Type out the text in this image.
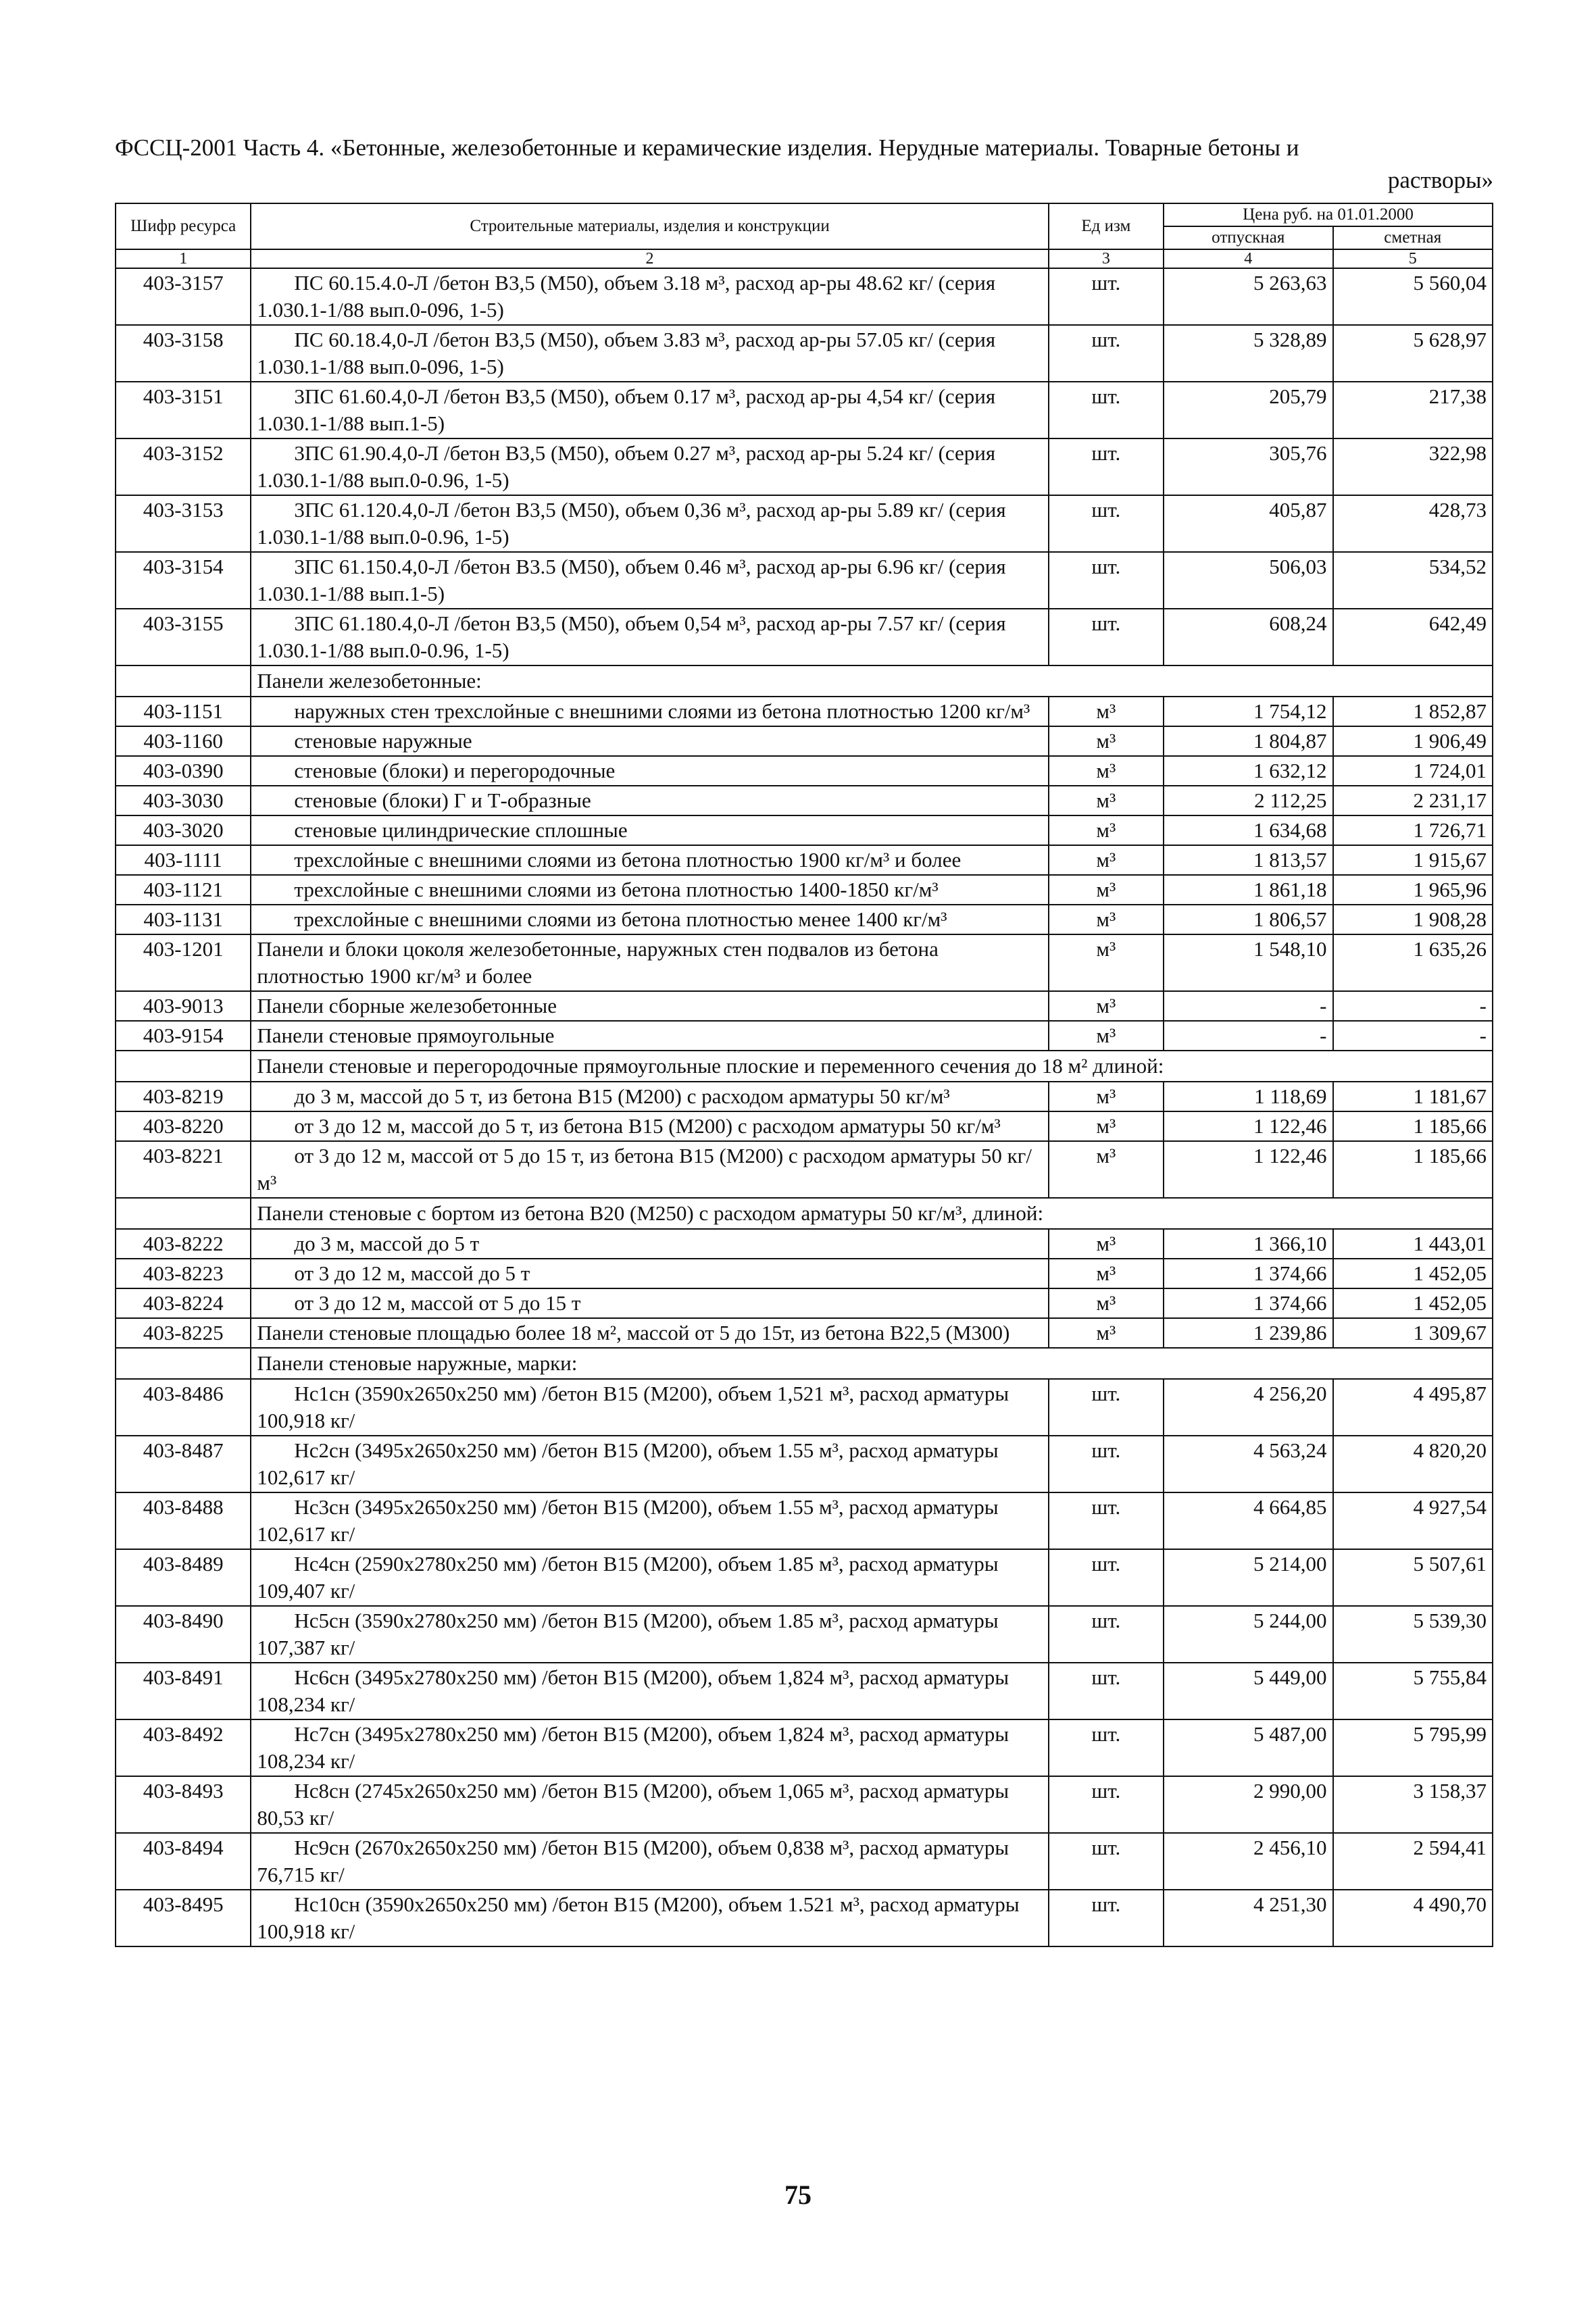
ФССЦ-2001 Часть 4. «Бетонные, железобетонные и керамические изделия. Нерудные материалы. Товарные бетоны и
растворы»
Шифр ресурса	Строительные материалы, изделия и конструкции	Ед изм	Цена руб. на 01.01.2000	
			отпускная	сметная
1	2	3	4	5
403-3157	ПС 60.15.4.0-Л /бетон В3,5 (М50), объем 3.18 м³, расход ар-ры 48.62 кг/ (серия 1.030.1-1/88 вып.0-096, 1-5)	шт.	5 263,63	5 560,04
403-3158	ПС 60.18.4,0-Л /бетон В3,5 (М50), объем 3.83 м³, расход ар-ры 57.05 кг/ (серия 1.030.1-1/88 вып.0-096, 1-5)	шт.	5 328,89	5 628,97
403-3151	3ПС 61.60.4,0-Л /бетон В3,5 (М50), объем 0.17 м³, расход ар-ры 4,54 кг/ (серия 1.030.1-1/88 вып.1-5)	шт.	205,79	217,38
403-3152	3ПС 61.90.4,0-Л /бетон В3,5 (М50), объем 0.27 м³, расход ар-ры 5.24 кг/ (серия 1.030.1-1/88 вып.0-0.96, 1-5)	шт.	305,76	322,98
403-3153	3ПС 61.120.4,0-Л /бетон В3,5 (М50), объем 0,36 м³, расход ар-ры 5.89 кг/ (серия 1.030.1-1/88 вып.0-0.96, 1-5)	шт.	405,87	428,73
403-3154	3ПС 61.150.4,0-Л /бетон В3.5 (М50), объем 0.46 м³, расход ар-ры 6.96 кг/ (серия 1.030.1-1/88 вып.1-5)	шт.	506,03	534,52
403-3155	3ПС 61.180.4,0-Л /бетон В3,5 (М50), объем 0,54 м³, расход ар-ры 7.57 кг/ (серия 1.030.1-1/88 вып.0-0.96, 1-5)	шт.	608,24	642,49
	Панели железобетонные:			
403-1151	наружных стен трехслойные с внешними слоями из бетона плотностью 1200 кг/м³	м³	1 754,12	1 852,87
403-1160	стеновые наружные	м³	1 804,87	1 906,49
403-0390	стеновые (блоки) и перегородочные	м³	1 632,12	1 724,01
403-3030	стеновые (блоки) Г и Т-образные	м³	2 112,25	2 231,17
403-3020	стеновые цилиндрические сплошные	м³	1 634,68	1 726,71
403-1111	трехслойные с внешними слоями из бетона плотностью 1900 кг/м³ и более	м³	1 813,57	1 915,67
403-1121	трехслойные с внешними слоями из бетона плотностью 1400-1850 кг/м³	м³	1 861,18	1 965,96
403-1131	трехслойные с внешними слоями из бетона плотностью менее 1400 кг/м³	м³	1 806,57	1 908,28
403-1201	Панели и блоки цоколя железобетонные, наружных стен подвалов из бетона плотностью 1900 кг/м³ и более	м³	1 548,10	1 635,26
403-9013	Панели сборные железобетонные	м³	-	-
403-9154	Панели стеновые прямоугольные	м³	-	-
	Панели стеновые и перегородочные прямоугольные плоские и переменного сечения до 18 м² длиной:			
403-8219	до 3 м, массой до 5 т, из бетона В15 (М200) с расходом арматуры 50 кг/м³	м³	1 118,69	1 181,67
403-8220	от 3 до 12 м, массой до 5 т, из бетона В15 (М200) с расходом арматуры 50 кг/м³	м³	1 122,46	1 185,66
403-8221	от 3 до 12 м, массой от 5 до 15 т, из бетона В15 (М200) с расходом арматуры 50 кг/м³	м³	1 122,46	1 185,66
	Панели стеновые с бортом из бетона В20 (М250) с расходом арматуры 50 кг/м³, длиной:			
403-8222	до 3 м, массой до 5 т	м³	1 366,10	1 443,01
403-8223	от 3 до 12 м, массой до 5 т	м³	1 374,66	1 452,05
403-8224	от 3 до 12 м, массой от 5 до 15 т	м³	1 374,66	1 452,05
403-8225	Панели стеновые площадью более 18 м², массой от 5 до 15т, из бетона В22,5 (М300)	м³	1 239,86	1 309,67
	Панели стеновые наружные, марки:			
403-8486	Нс1сн (3590х2650х250 мм) /бетон В15 (М200), объем 1,521 м³, расход арматуры 100,918 кг/	шт.	4 256,20	4 495,87
403-8487	Нс2сн (3495х2650х250 мм) /бетон В15 (М200), объем 1.55 м³, расход арматуры 102,617 кг/	шт.	4 563,24	4 820,20
403-8488	Нс3сн (3495х2650х250 мм) /бетон В15 (М200), объем 1.55 м³, расход арматуры 102,617 кг/	шт.	4 664,85	4 927,54
403-8489	Нс4сн (2590х2780х250 мм) /бетон В15 (М200), объем 1.85 м³, расход арматуры 109,407 кг/	шт.	5 214,00	5 507,61
403-8490	Нс5сн (3590х2780х250 мм) /бетон В15 (М200), объем 1.85 м³, расход арматуры 107,387 кг/	шт.	5 244,00	5 539,30
403-8491	Нс6сн (3495х2780х250 мм) /бетон В15 (М200), объем 1,824 м³, расход арматуры 108,234 кг/	шт.	5 449,00	5 755,84
403-8492	Нс7сн (3495х2780х250 мм) /бетон В15 (М200), объем 1,824 м³, расход арматуры 108,234 кг/	шт.	5 487,00	5 795,99
403-8493	Нс8сн (2745х2650х250 мм) /бетон В15 (М200), объем 1,065 м³, расход арматуры 80,53 кг/	шт.	2 990,00	3 158,37
403-8494	Нс9сн (2670х2650х250 мм) /бетон В15 (М200), объем 0,838 м³, расход арматуры 76,715 кг/	шт.	2 456,10	2 594,41
403-8495	Нс10сн (3590х2650х250 мм) /бетон В15 (М200), объем 1.521 м³, расход арматуры 100,918 кг/	шт.	4 251,30	4 490,70
75
